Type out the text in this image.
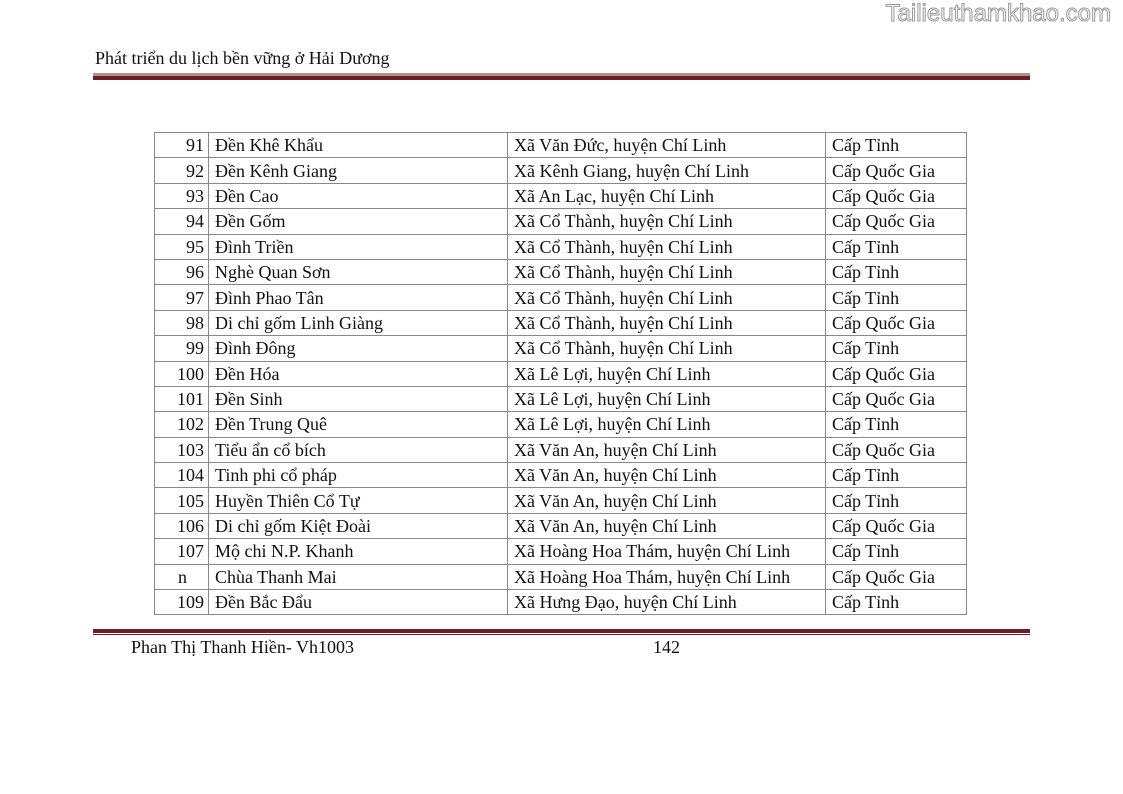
Tailieuthamkhao.com
Phát triển du lịch bền vững ở Hải Dương
91	Đền Khê Khẩu	Xã Văn Đức, huyện Chí Linh	Cấp Tỉnh
92	Đền Kênh Giang	Xã Kênh Giang, huyện Chí Linh	Cấp Quốc Gia
93	Đền Cao	Xã An Lạc, huyện Chí Linh	Cấp Quốc Gia
94	Đền Gốm	Xã Cổ Thành, huyện Chí Linh	Cấp Quốc Gia
95	Đình Triền	Xã Cổ Thành, huyện Chí Linh	Cấp Tỉnh
96	Nghè Quan Sơn	Xã Cổ Thành, huyện Chí Linh	Cấp Tỉnh
97	Đình Phao Tân	Xã Cổ Thành, huyện Chí Linh	Cấp Tỉnh
98	Di chỉ gốm Linh Giàng	Xã Cổ Thành, huyện Chí Linh	Cấp Quốc Gia
99	Đình Đông	Xã Cổ Thành, huyện Chí Linh	Cấp Tỉnh
100	Đền Hóa	Xã Lê Lợi, huyện Chí Linh	Cấp Quốc Gia
101	Đền Sinh	Xã Lê Lợi, huyện Chí Linh	Cấp Quốc Gia
102	Đền Trung Quê	Xã Lê Lợi, huyện Chí Linh	Cấp Tỉnh
103	Tiểu ẩn cổ bích	Xã Văn An, huyện Chí Linh	Cấp Quốc Gia
104	Tinh phi cổ pháp	Xã Văn An, huyện Chí Linh	Cấp Tỉnh
105	Huyền Thiên Cổ Tự	Xã Văn An, huyện Chí Linh	Cấp Tỉnh
106	Di chỉ gốm Kiệt Đoài	Xã Văn An, huyện Chí Linh	Cấp Quốc Gia
107	Mộ chi N.P. Khanh	Xã Hoàng Hoa Thám, huyện Chí Linh	Cấp Tỉnh
n	Chùa Thanh Mai	Xã Hoàng Hoa Thám, huyện Chí Linh	Cấp Quốc Gia
109	Đền Bắc Đẩu	Xã Hưng Đạo, huyện Chí Linh	Cấp Tỉnh
Phan Thị Thanh Hiền- Vh1003	142
